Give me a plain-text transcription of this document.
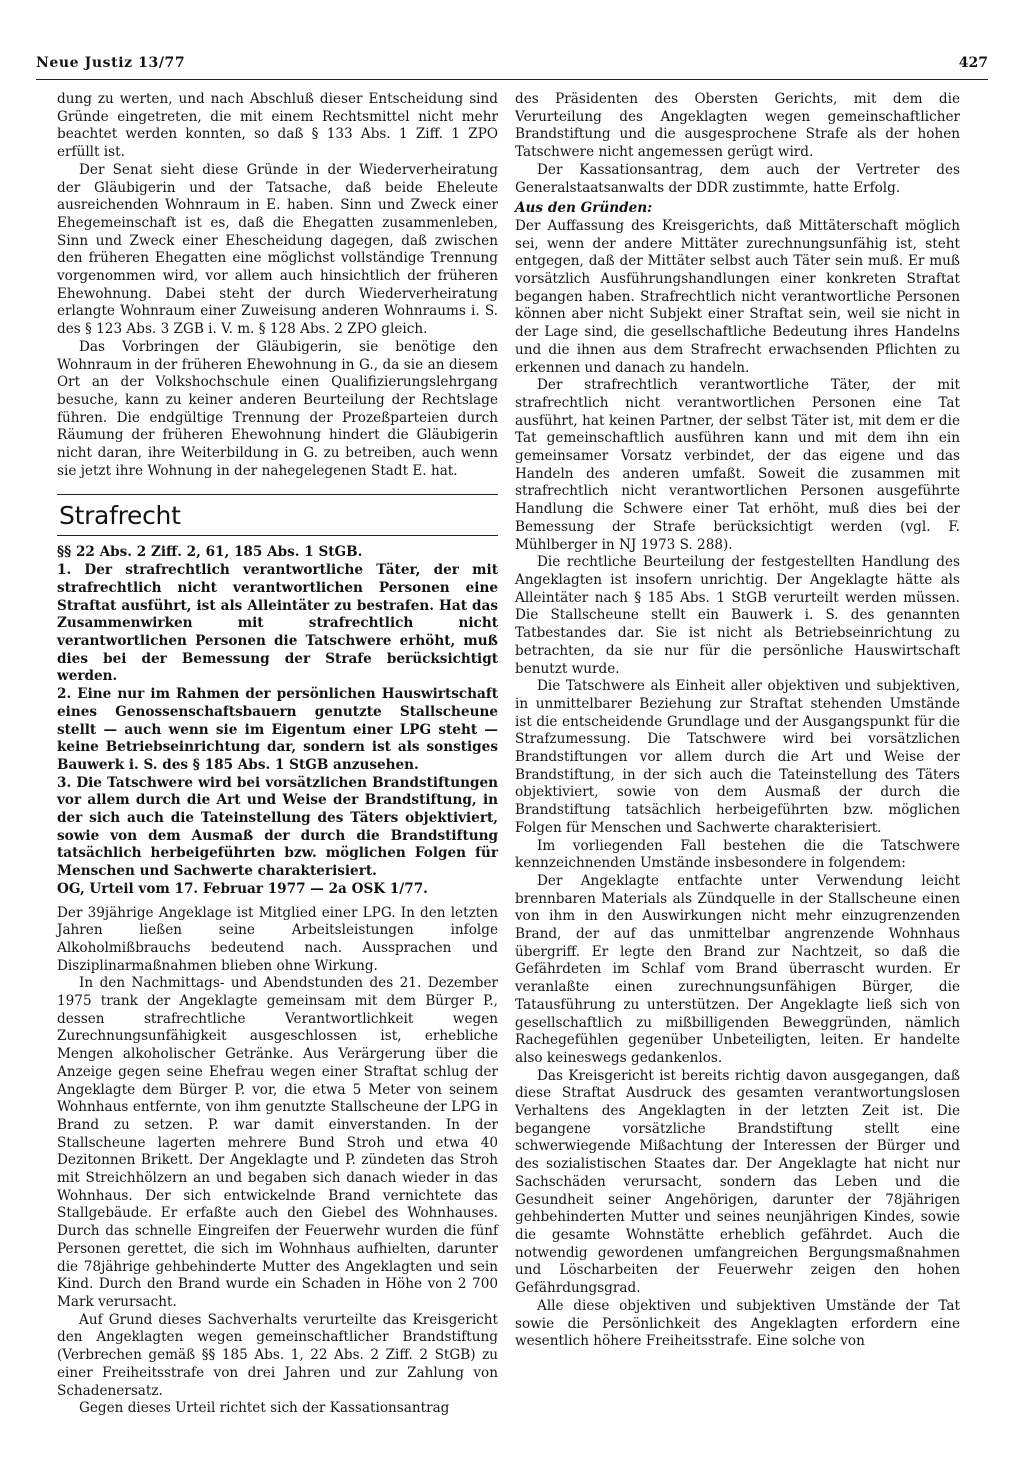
Neue Justiz 13/77	427

dung zu werten, und nach Abschluß dieser Entscheidung sind Gründe eingetreten, die mit einem Rechtsmittel nicht mehr beachtet werden konnten, so daß § 133 Abs. 1 Ziff. 1 ZPO erfüllt ist.

Der Senat sieht diese Gründe in der Wiederverheiratung der Gläubigerin und der Tatsache, daß beide Eheleute ausreichenden Wohnraum in E. haben. Sinn und Zweck einer Ehegemeinschaft ist es, daß die Ehegatten zusammenleben, Sinn und Zweck einer Ehescheidung dagegen, daß zwischen den früheren Ehegatten eine möglichst vollständige Trennung vorgenommen wird, vor allem auch hinsichtlich der früheren Ehewohnung. Dabei steht der durch Wiederverheiratung erlangte Wohnraum einer Zuweisung anderen Wohnraums i. S. des § 123 Abs. 3 ZGB i. V. m. § 128 Abs. 2 ZPO gleich.

Das Vorbringen der Gläubigerin, sie benötige den Wohnraum in der früheren Ehewohnung in G., da sie an diesem Ort an der Volkshochschule einen Qualifizierungslehrgang besuche, kann zu keiner anderen Beurteilung der Rechtslage führen. Die endgültige Trennung der Prozeßparteien durch Räumung der früheren Ehewohnung hindert die Gläubigerin nicht daran, ihre Weiterbildung in G. zu betreiben, auch wenn sie jetzt ihre Wohnung in der nahegelegenen Stadt E. hat.

Strafrecht

§§ 22 Abs. 2 Ziff. 2, 61, 185 Abs. 1 StGB.

1. Der strafrechtlich verantwortliche Täter, der mit strafrechtlich nicht verantwortlichen Personen eine Straftat ausführt, ist als Alleintäter zu bestrafen. Hat das Zusammenwirken mit strafrechtlich nicht verantwortlichen Personen die Tatschwere erhöht, muß dies bei der Bemessung der Strafe berücksichtigt werden.

2. Eine nur im Rahmen der persönlichen Hauswirtschaft eines Genossenschaftsbauern genutzte Stallscheune stellt — auch wenn sie im Eigentum einer LPG steht — keine Betriebseinrichtung dar, sondern ist als sonstiges Bauwerk i. S. des § 185 Abs. 1 StGB anzusehen.

3. Die Tatschwere wird bei vorsätzlichen Brandstiftungen vor allem durch die Art und Weise der Brandstiftung, in der sich auch die Tateinstellung des Täters objektiviert, sowie von dem Ausmaß der durch die Brandstiftung tatsächlich herbeigeführten bzw. möglichen Folgen für Menschen und Sachwerte charakterisiert.

OG, Urteil vom 17. Februar 1977 — 2a OSK 1/77.

Der 39jährige Angeklage ist Mitglied einer LPG. In den letzten Jahren ließen seine Arbeitsleistungen infolge Alkoholmißbrauchs bedeutend nach. Aussprachen und Disziplinarmaßnahmen blieben ohne Wirkung.

In den Nachmittags- und Abendstunden des 21. Dezember 1975 trank der Angeklagte gemeinsam mit dem Bürger P., dessen strafrechtliche Verantwortlichkeit wegen Zurechnungsunfähigkeit ausgeschlossen ist, erhebliche Mengen alkoholischer Getränke. Aus Verärgerung über die Anzeige gegen seine Ehefrau wegen einer Straftat schlug der Angeklagte dem Bürger P. vor, die etwa 5 Meter von seinem Wohnhaus entfernte, von ihm genutzte Stallscheune der LPG in Brand zu setzen. P. war damit einverstanden. In der Stallscheune lagerten mehrere Bund Stroh und etwa 40 Dezitonnen Brikett. Der Angeklagte und P. zündeten das Stroh mit Streichhölzern an und begaben sich danach wieder in das Wohnhaus. Der sich entwickelnde Brand vernichtete das Stallgebäude. Er erfaßte auch den Giebel des Wohnhauses. Durch das schnelle Eingreifen der Feuerwehr wurden die fünf Personen gerettet, die sich im Wohnhaus aufhielten, darunter die 78jährige gehbehinderte Mutter des Angeklagten und sein Kind. Durch den Brand wurde ein Schaden in Höhe von 2 700 Mark verursacht.

Auf Grund dieses Sachverhalts verurteilte das Kreisgericht den Angeklagten wegen gemeinschaftlicher Brandstiftung (Verbrechen gemäß §§ 185 Abs. 1, 22 Abs. 2 Ziff. 2 StGB) zu einer Freiheitsstrafe von drei Jahren und zur Zahlung von Schadenersatz.

Gegen dieses Urteil richtet sich der Kassationsantrag

des Präsidenten des Obersten Gerichts, mit dem die Verurteilung des Angeklagten wegen gemeinschaftlicher Brandstiftung und die ausgesprochene Strafe als der hohen Tatschwere nicht angemessen gerügt wird.

Der Kassationsantrag, dem auch der Vertreter des Generalstaatsanwalts der DDR zustimmte, hatte Erfolg.

Aus den Gründen:

Der Auffassung des Kreisgerichts, daß Mittäterschaft möglich sei, wenn der andere Mittäter zurechnungsunfähig ist, steht entgegen, daß der Mittäter selbst auch Täter sein muß. Er muß vorsätzlich Ausführungshandlungen einer konkreten Straftat begangen haben. Strafrechtlich nicht verantwortliche Personen können aber nicht Subjekt einer Straftat sein, weil sie nicht in der Lage sind, die gesellschaftliche Bedeutung ihres Handelns und die ihnen aus dem Strafrecht erwachsenden Pflichten zu erkennen und danach zu handeln.

Der strafrechtlich verantwortliche Täter, der mit strafrechtlich nicht verantwortlichen Personen eine Tat ausführt, hat keinen Partner, der selbst Täter ist, mit dem er die Tat gemeinschaftlich ausführen kann und mit dem ihn ein gemeinsamer Vorsatz verbindet, der das eigene und das Handeln des anderen umfaßt. Soweit die zusammen mit strafrechtlich nicht verantwortlichen Personen ausgeführte Handlung die Schwere einer Tat erhöht, muß dies bei der Bemessung der Strafe berücksichtigt werden (vgl. F. Mühlberger in NJ 1973 S. 288).

Die rechtliche Beurteilung der festgestellten Handlung des Angeklagten ist insofern unrichtig. Der Angeklagte hätte als Alleintäter nach § 185 Abs. 1 StGB verurteilt werden müssen. Die Stallscheune stellt ein Bauwerk i. S. des genannten Tatbestandes dar. Sie ist nicht als Betriebseinrichtung zu betrachten, da sie nur für die persönliche Hauswirtschaft benutzt wurde.

Die Tatschwere als Einheit aller objektiven und subjektiven, in unmittelbarer Beziehung zur Straftat stehenden Umstände ist die entscheidende Grundlage und der Ausgangspunkt für die Strafzumessung. Die Tatschwere wird bei vorsätzlichen Brandstiftungen vor allem durch die Art und Weise der Brandstiftung, in der sich auch die Tateinstellung des Täters objektiviert, sowie von dem Ausmaß der durch die Brandstiftung tatsächlich herbeigeführten bzw. möglichen Folgen für Menschen und Sachwerte charakterisiert.

Im vorliegenden Fall bestehen die die Tatschwere kennzeichnenden Umstände insbesondere in folgendem:

Der Angeklagte entfachte unter Verwendung leicht brennbaren Materials als Zündquelle in der Stallscheune einen von ihm in den Auswirkungen nicht mehr einzugrenzenden Brand, der auf das unmittelbar angrenzende Wohnhaus übergriff. Er legte den Brand zur Nachtzeit, so daß die Gefährdeten im Schlaf vom Brand überrascht wurden. Er veranlaßte einen zurechnungsunfähigen Bürger, die Tatausführung zu unterstützen. Der Angeklagte ließ sich von gesellschaftlich zu mißbilligenden Beweggründen, nämlich Rachegefühlen gegenüber Unbeteiligten, leiten. Er handelte also keineswegs gedankenlos.

Das Kreisgericht ist bereits richtig davon ausgegangen, daß diese Straftat Ausdruck des gesamten verantwortungslosen Verhaltens des Angeklagten in der letzten Zeit ist. Die begangene vorsätzliche Brandstiftung stellt eine schwerwiegende Mißachtung der Interessen der Bürger und des sozialistischen Staates dar. Der Angeklagte hat nicht nur Sachschäden verursacht, sondern das Leben und die Gesundheit seiner Angehörigen, darunter der 78jährigen gehbehinderten Mutter und seines neunjährigen Kindes, sowie die gesamte Wohnstätte erheblich gefährdet. Auch die notwendig gewordenen umfangreichen Bergungsmaßnahmen und Löscharbeiten der Feuerwehr zeigen den hohen Gefährdungsgrad.

Alle diese objektiven und subjektiven Umstände der Tat sowie die Persönlichkeit des Angeklagten erfordern eine wesentlich höhere Freiheitsstrafe. Eine solche von
